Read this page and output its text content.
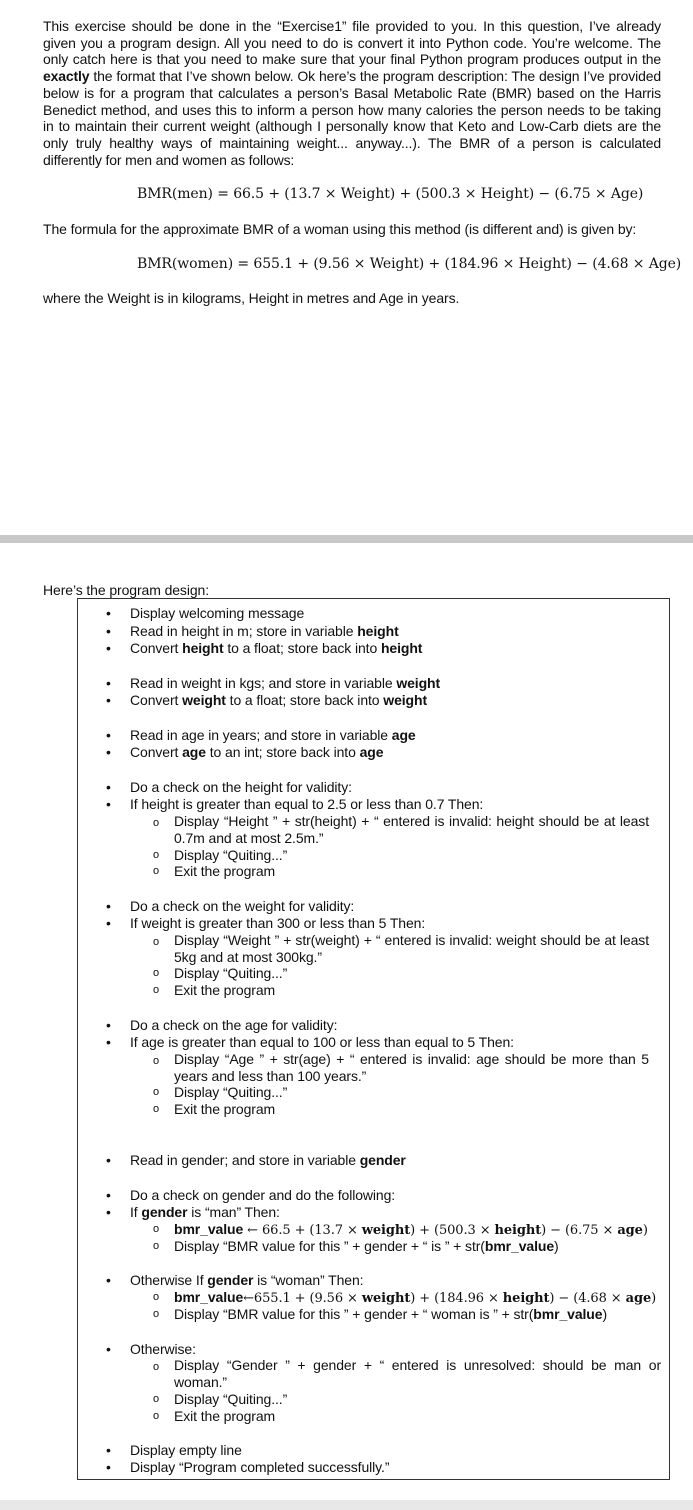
This exercise should be done in the “Exercise1” file provided to you. In this question, I’ve already given you a program design. All you need to do is convert it into Python code. You’re welcome. The only catch here is that you need to make sure that your final Python program produces output in the exactly the format that I’ve shown below. Ok here’s the program description: The design I’ve provided below is for a program that calculates a person’s Basal Metabolic Rate (BMR) based on the Harris Benedict method, and uses this to inform a person how many calories the person needs to be taking in to maintain their current weight (although I personally know that Keto and Low-Carb diets are the only truly healthy ways of maintaining weight... anyway...). The BMR of a person is calculated differently for men and women as follows:
BMR(men) = 66.5 + (13.7 × Weight) + (500.3 × Height) − (6.75 × Age)
The formula for the approximate BMR of a woman using this method (is different and) is given by:
BMR(women) = 655.1 + (9.56 × Weight) + (184.96 × Height) − (4.68 × Age)
where the Weight is in kilograms, Height in metres and Age in years.
Here’s the program design:
• Display welcoming message
• Read in height in m; store in variable height
• Convert height to a float; store back into height
• Read in weight in kgs; and store in variable weight
• Convert weight to a float; store back into weight
• Read in age in years; and store in variable age
• Convert age to an int; store back into age
• Do a check on the height for validity:
• If height is greater than equal to 2.5 or less than 0.7 Then:
o Display “Height ” + str(height) + “ entered is invalid: height should be at least 0.7m and at most 2.5m.”
o Display “Quiting...”
o Exit the program
• Do a check on the weight for validity:
• If weight is greater than 300 or less than 5 Then:
o Display “Weight ” + str(weight) + “ entered is invalid: weight should be at least 5kg and at most 300kg.”
o Display “Quiting...”
o Exit the program
• Do a check on the age for validity:
• If age is greater than equal to 100 or less than equal to 5 Then:
o Display “Age ” + str(age) + “ entered is invalid: age should be more than 5 years and less than 100 years.”
o Display “Quiting...”
o Exit the program
• Read in gender; and store in variable gender
• Do a check on gender and do the following:
• If gender is “man” Then:
o bmr_value ← 66.5 + (13.7 × weight) + (500.3 × height) − (6.75 × age)
o Display “BMR value for this ” + gender + “ is ” + str(bmr_value)
• Otherwise If gender is “woman” Then:
o bmr_value←655.1 + (9.56 × weight) + (184.96 × height) − (4.68 × age)
o Display “BMR value for this ” + gender + “ woman is ” + str(bmr_value)
• Otherwise:
o Display “Gender ” + gender + “ entered is unresolved: should be man or woman.”
o Display “Quiting...”
o Exit the program
• Display empty line
• Display “Program completed successfully.”
